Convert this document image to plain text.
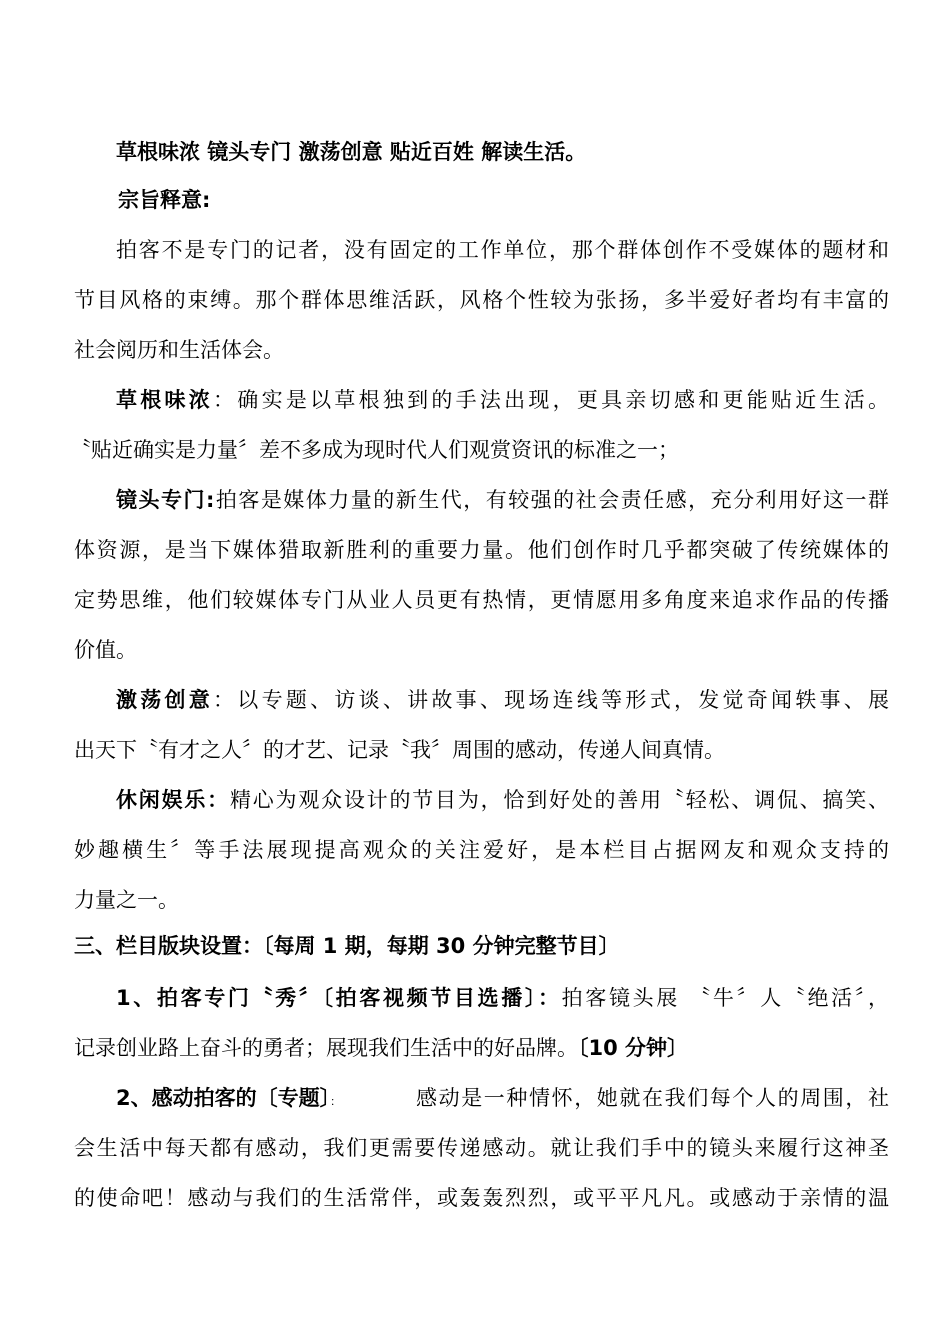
草根味浓 镜头专门 激荡创意 贴近百姓 解读生活。
宗旨释意:
拍客不是专门的记者，没有固定的工作单位，那个群体创作不受媒体的题材和
节目风格的束缚。那个群体思维活跃，风格个性较为张扬，多半爱好者均有丰富的
社会阅历和生活体会。
草根味浓：确实是以草根独到的手法出现，更具亲切感和更能贴近生活。
〝贴近确实是力量〞差不多成为现时代人们观赏资讯的标准之一；
镜头专门:拍客是媒体力量的新生代，有较强的社会责任感，充分利用好这一群
体资源，是当下媒体猎取新胜利的重要力量。他们创作时几乎都突破了传统媒体的
定势思维，他们较媒体专门从业人员更有热情，更情愿用多角度来追求作品的传播
价值。
激荡创意：以专题、访谈、讲故事、现场连线等形式，发觉奇闻轶事、展
出天下〝有才之人〞的才艺、记录〝我〞周围的感动，传递人间真情。
休闲娱乐：精心为观众设计的节目为，恰到好处的善用〝轻松、调侃、搞笑、
妙趣横生〞等手法展现提高观众的关注爱好，是本栏目占据网友和观众支持的
力量之一。
三、栏目版块设置：〔每周 1 期，每期 30 分钟完整节目〕
1、拍客专门〝秀〞〔拍客视频节目选播〕：拍客镜头展 〝牛〞人〝绝活〞，
记录创业路上奋斗的勇者；展现我们生活中的好品牌。〔10 分钟〕
2、感动拍客的〔专题〕：	感动是一种情怀，她就在我们每个人的周围，社
会生活中每天都有感动，我们更需要传递感动。就让我们手中的镜头来履行这神圣
的使命吧！感动与我们的生活常伴，或轰轰烈烈，或平平凡凡。或感动于亲情的温
